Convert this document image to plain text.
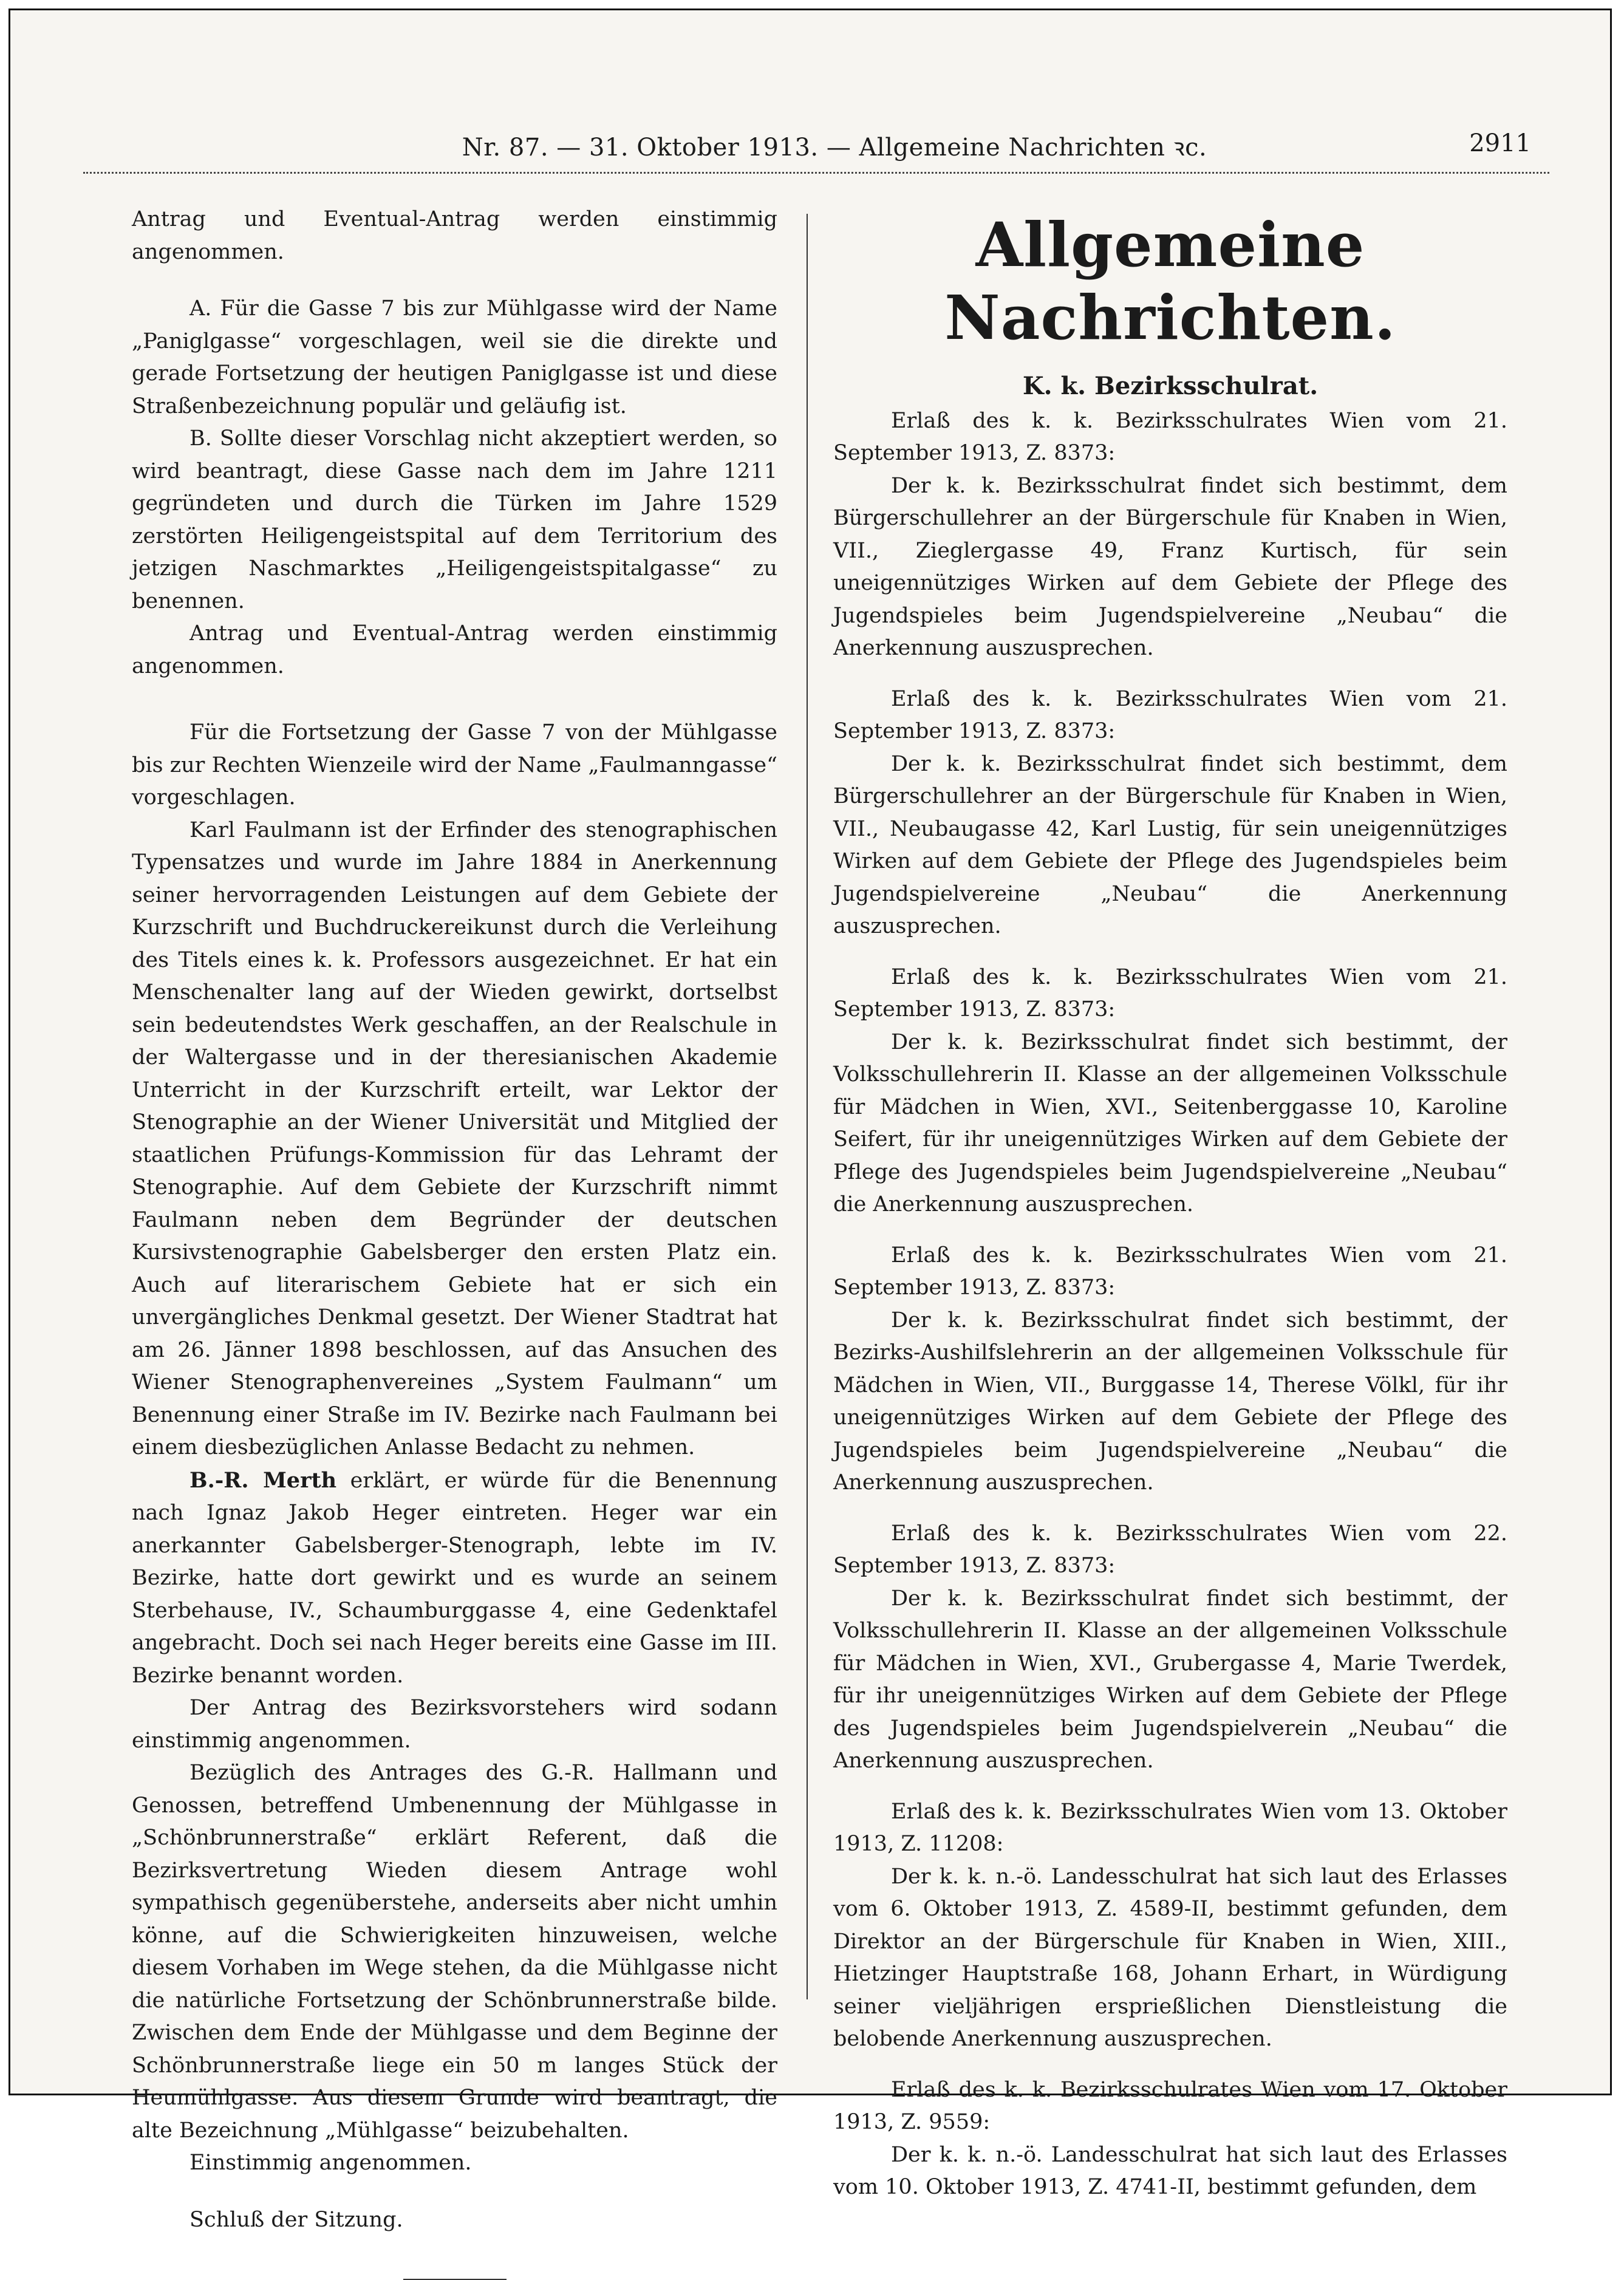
Nr. 87. — 31. Oktober 1913. — Allgemeine Nachrichten ꝛc.	2911

Antrag und Eventual-Antrag werden einstimmig angenommen.

A. Für die Gasse 7 bis zur Mühlgasse wird der Name „Paniglgasse“ vorgeschlagen, weil sie die direkte und gerade Fortsetzung der heutigen Paniglgasse ist und diese Straßenbezeichnung populär und geläufig ist.

B. Sollte dieser Vorschlag nicht akzeptiert werden, so wird beantragt, diese Gasse nach dem im Jahre 1211 gegründeten und durch die Türken im Jahre 1529 zerstörten Heiligengeistspital auf dem Territorium des jetzigen Naschmarktes „Heiligengeistspitalgasse“ zu benennen.

Antrag und Eventual-Antrag werden einstimmig angenommen.

Für die Fortsetzung der Gasse 7 von der Mühlgasse bis zur Rechten Wienzeile wird der Name „Faulmanngasse“ vorgeschlagen.

Karl Faulmann ist der Erfinder des stenographischen Typensatzes und wurde im Jahre 1884 in Anerkennung seiner hervorragenden Leistungen auf dem Gebiete der Kurzschrift und Buchdruckereikunst durch die Verleihung des Titels eines k. k. Professors ausgezeichnet. Er hat ein Menschenalter lang auf der Wieden gewirkt, dortselbst sein bedeutendstes Werk geschaffen, an der Realschule in der Waltergasse und in der theresianischen Akademie Unterricht in der Kurzschrift erteilt, war Lektor der Stenographie an der Wiener Universität und Mitglied der staatlichen Prüfungs-Kommission für das Lehramt der Stenographie. Auf dem Gebiete der Kurzschrift nimmt Faulmann neben dem Begründer der deutschen Kursivstenographie Gabelsberger den ersten Platz ein. Auch auf literarischem Gebiete hat er sich ein unvergängliches Denkmal gesetzt. Der Wiener Stadtrat hat am 26. Jänner 1898 beschlossen, auf das Ansuchen des Wiener Stenographenvereines „System Faulmann“ um Benennung einer Straße im IV. Bezirke nach Faulmann bei einem diesbezüglichen Anlasse Bedacht zu nehmen.

B.-R. Merth erklärt, er würde für die Benennung nach Ignaz Jakob Heger eintreten. Heger war ein anerkannter Gabelsberger-Stenograph, lebte im IV. Bezirke, hatte dort gewirkt und es wurde an seinem Sterbehause, IV., Schaumburggasse 4, eine Gedenktafel angebracht. Doch sei nach Heger bereits eine Gasse im III. Bezirke benannt worden.

Der Antrag des Bezirksvorstehers wird sodann einstimmig angenommen.

Bezüglich des Antrages des G.-R. Hallmann und Genossen, betreffend Umbenennung der Mühlgasse in „Schönbrunnerstraße“ erklärt Referent, daß die Bezirksvertretung Wieden diesem Antrage wohl sympathisch gegenüberstehe, anderseits aber nicht umhin könne, auf die Schwierigkeiten hinzuweisen, welche diesem Vorhaben im Wege stehen, da die Mühlgasse nicht die natürliche Fortsetzung der Schönbrunnerstraße bilde. Zwischen dem Ende der Mühlgasse und dem Beginne der Schönbrunnerstraße liege ein 50 m langes Stück der Heumühlgasse. Aus diesem Grunde wird beantragt, die alte Bezeichnung „Mühlgasse“ beizubehalten.

Einstimmig angenommen.

Schluß der Sitzung.

Allgemeine Nachrichten.
K. k. Bezirksschulrat.

Erlaß des k. k. Bezirksschulrates Wien vom 21. September 1913, Z. 8373:

Der k. k. Bezirksschulrat findet sich bestimmt, dem Bürgerschullehrer an der Bürgerschule für Knaben in Wien, VII., Zieglergasse 49, Franz Kurtisch, für sein uneigennütziges Wirken auf dem Gebiete der Pflege des Jugendspieles beim Jugendspielvereine „Neubau“ die Anerkennung auszusprechen.

Erlaß des k. k. Bezirksschulrates Wien vom 21. September 1913, Z. 8373:

Der k. k. Bezirksschulrat findet sich bestimmt, dem Bürgerschullehrer an der Bürgerschule für Knaben in Wien, VII., Neubaugasse 42, Karl Lustig, für sein uneigennütziges Wirken auf dem Gebiete der Pflege des Jugendspieles beim Jugendspielvereine „Neubau“ die Anerkennung auszusprechen.

Erlaß des k. k. Bezirksschulrates Wien vom 21. September 1913, Z. 8373:

Der k. k. Bezirksschulrat findet sich bestimmt, der Volksschullehrerin II. Klasse an der allgemeinen Volksschule für Mädchen in Wien, XVI., Seitenberggasse 10, Karoline Seifert, für ihr uneigennütziges Wirken auf dem Gebiete der Pflege des Jugendspieles beim Jugendspielvereine „Neubau“ die Anerkennung auszusprechen.

Erlaß des k. k. Bezirksschulrates Wien vom 21. September 1913, Z. 8373:

Der k. k. Bezirksschulrat findet sich bestimmt, der Bezirks-Aushilfslehrerin an der allgemeinen Volksschule für Mädchen in Wien, VII., Burggasse 14, Therese Völkl, für ihr uneigennütziges Wirken auf dem Gebiete der Pflege des Jugendspieles beim Jugendspielvereine „Neubau“ die Anerkennung auszusprechen.

Erlaß des k. k. Bezirksschulrates Wien vom 22. September 1913, Z. 8373:

Der k. k. Bezirksschulrat findet sich bestimmt, der Volksschullehrerin II. Klasse an der allgemeinen Volksschule für Mädchen in Wien, XVI., Grubergasse 4, Marie Twerdek, für ihr uneigennütziges Wirken auf dem Gebiete der Pflege des Jugendspieles beim Jugendspielverein „Neubau“ die Anerkennung auszusprechen.

Erlaß des k. k. Bezirksschulrates Wien vom 13. Oktober 1913, Z. 11208:

Der k. k. n.-ö. Landesschulrat hat sich laut des Erlasses vom 6. Oktober 1913, Z. 4589-II, bestimmt gefunden, dem Direktor an der Bürgerschule für Knaben in Wien, XIII., Hietzinger Hauptstraße 168, Johann Erhart, in Würdigung seiner vieljährigen ersprießlichen Dienstleistung die belobende Anerkennung auszusprechen.

Erlaß des k. k. Bezirksschulrates Wien vom 17. Oktober 1913, Z. 9559:

Der k. k. n.-ö. Landesschulrat hat sich laut des Erlasses vom 10. Oktober 1913, Z. 4741-II, bestimmt gefunden, dem
